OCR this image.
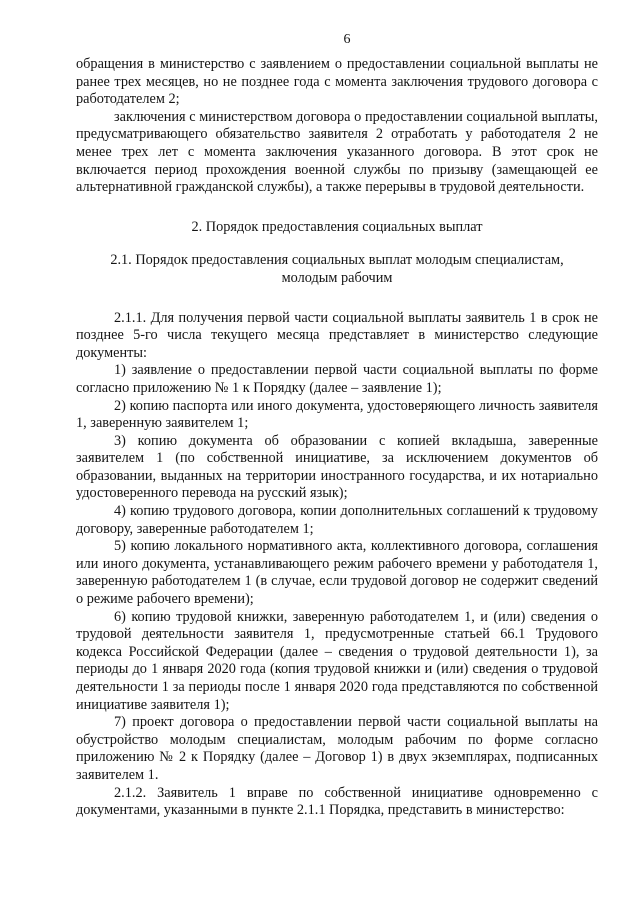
6

обращения в министерство с заявлением о предоставлении социальной выплаты не ранее трех месяцев, но не позднее года с момента заключения трудового договора с работодателем 2;

заключения с министерством договора о предоставлении социальной выплаты, предусматривающего обязательство заявителя 2 отработать у работодателя 2 не менее трех лет с момента заключения указанного договора. В этот срок не включается период прохождения военной службы по призыву (замещающей ее альтернативной гражданской службы), а также перерывы в трудовой деятельности.

2. Порядок предоставления социальных выплат
2.1. Порядок предоставления социальных выплат молодым специалистам,
молодым рабочим

2.1.1. Для получения первой части социальной выплаты заявитель 1 в срок не позднее 5-го числа текущего месяца представляет в министерство следующие документы:

1) заявление о предоставлении первой части социальной выплаты по форме согласно приложению № 1 к Порядку (далее – заявление 1);

2) копию паспорта или иного документа, удостоверяющего личность заявителя 1, заверенную заявителем 1;

3) копию документа об образовании с копией вкладыша, заверенные заявителем 1 (по собственной инициативе, за исключением документов об образовании, выданных на территории иностранного государства, и их нотариально удостоверенного перевода на русский язык);

4) копию трудового договора, копии дополнительных соглашений к трудовому договору, заверенные работодателем 1;

5) копию локального нормативного акта, коллективного договора, соглашения или иного документа, устанавливающего режим рабочего времени у работодателя 1, заверенную работодателем 1 (в случае, если трудовой договор не содержит сведений о режиме рабочего времени);

6) копию трудовой книжки, заверенную работодателем 1, и (или) сведения о трудовой деятельности заявителя 1, предусмотренные статьей 66.1 Трудового кодекса Российской Федерации (далее – сведения о трудовой деятельности 1), за периоды до 1 января 2020 года (копия трудовой книжки и (или) сведения о трудовой деятельности 1 за периоды после 1 января 2020 года представляются по собственной инициативе заявителя 1);

7) проект договора о предоставлении первой части социальной выплаты на обустройство молодым специалистам, молодым рабочим по форме согласно приложению № 2 к Порядку (далее – Договор 1) в двух экземплярах, подписанных заявителем 1.

2.1.2. Заявитель 1 вправе по собственной инициативе одновременно с документами, указанными в пункте 2.1.1 Порядка, представить в министерство:
